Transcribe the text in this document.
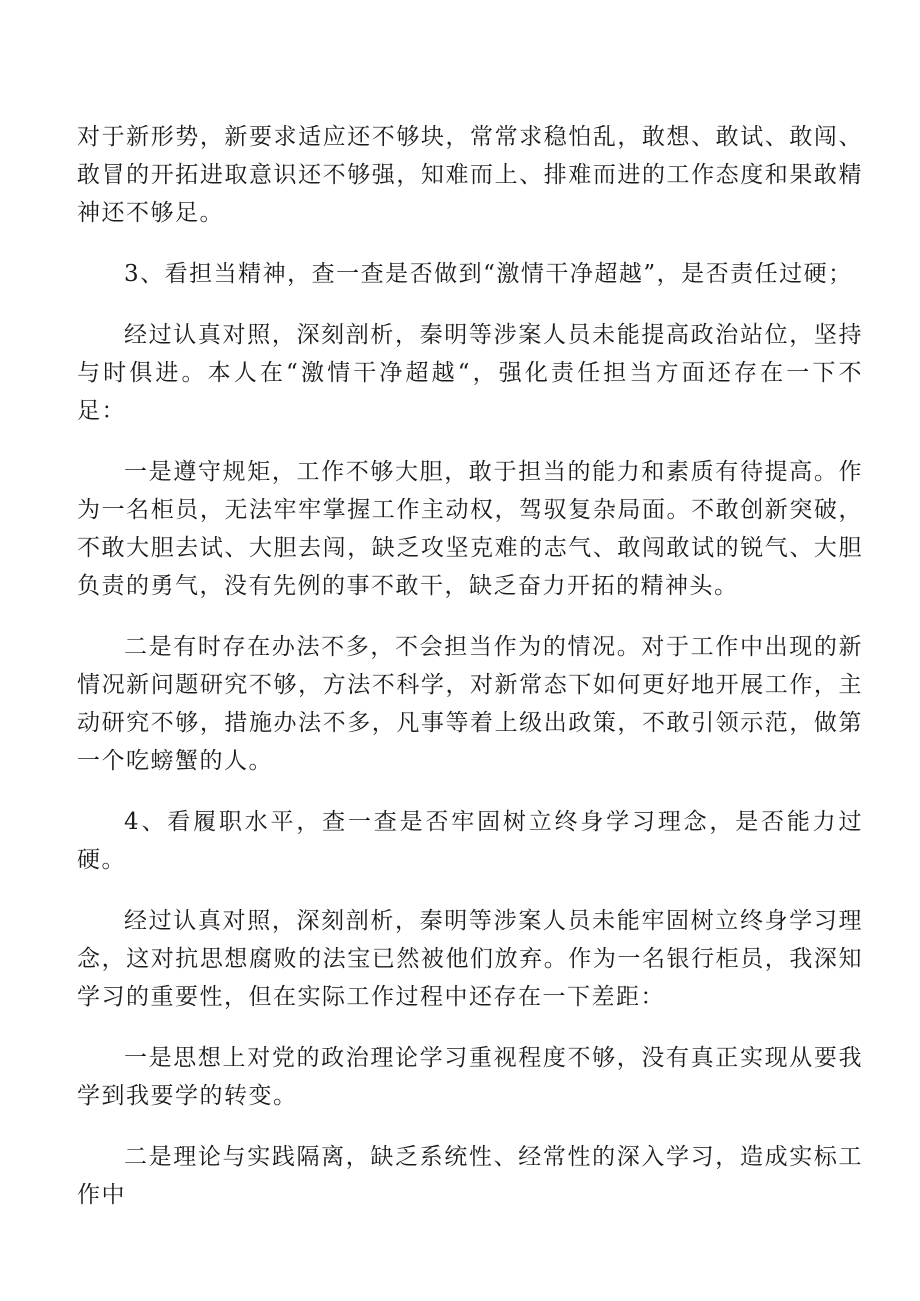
对于新形势，新要求适应还不够块，常常求稳怕乱，敢想、敢试、敢闯、敢冒的开拓进取意识还不够强，知难而上、排难而进的工作态度和果敢精神还不够足。

3、看担当精神，查一查是否做到“激情干净超越”，是否责任过硬；

经过认真对照，深刻剖析，秦明等涉案人员未能提高政治站位，坚持与时俱进。本人在“激情干净超越“，强化责任担当方面还存在一下不足：

一是遵守规矩，工作不够大胆，敢于担当的能力和素质有待提高。作为一名柜员，无法牢牢掌握工作主动权，驾驭复杂局面。不敢创新突破，不敢大胆去试、大胆去闯，缺乏攻坚克难的志气、敢闯敢试的锐气、大胆负责的勇气，没有先例的事不敢干，缺乏奋力开拓的精神头。

二是有时存在办法不多，不会担当作为的情况。对于工作中出现的新情况新问题研究不够，方法不科学，对新常态下如何更好地开展工作，主动研究不够，措施办法不多，凡事等着上级出政策，不敢引领示范，做第一个吃螃蟹的人。

4、看履职水平，查一查是否牢固树立终身学习理念，是否能力过硬。

经过认真对照，深刻剖析，秦明等涉案人员未能牢固树立终身学习理念，这对抗思想腐败的法宝已然被他们放弃。作为一名银行柜员，我深知学习的重要性，但在实际工作过程中还存在一下差距：

一是思想上对党的政治理论学习重视程度不够，没有真正实现从要我学到我要学的转变。

二是理论与实践隔离，缺乏系统性、经常性的深入学习，造成实标工作中
